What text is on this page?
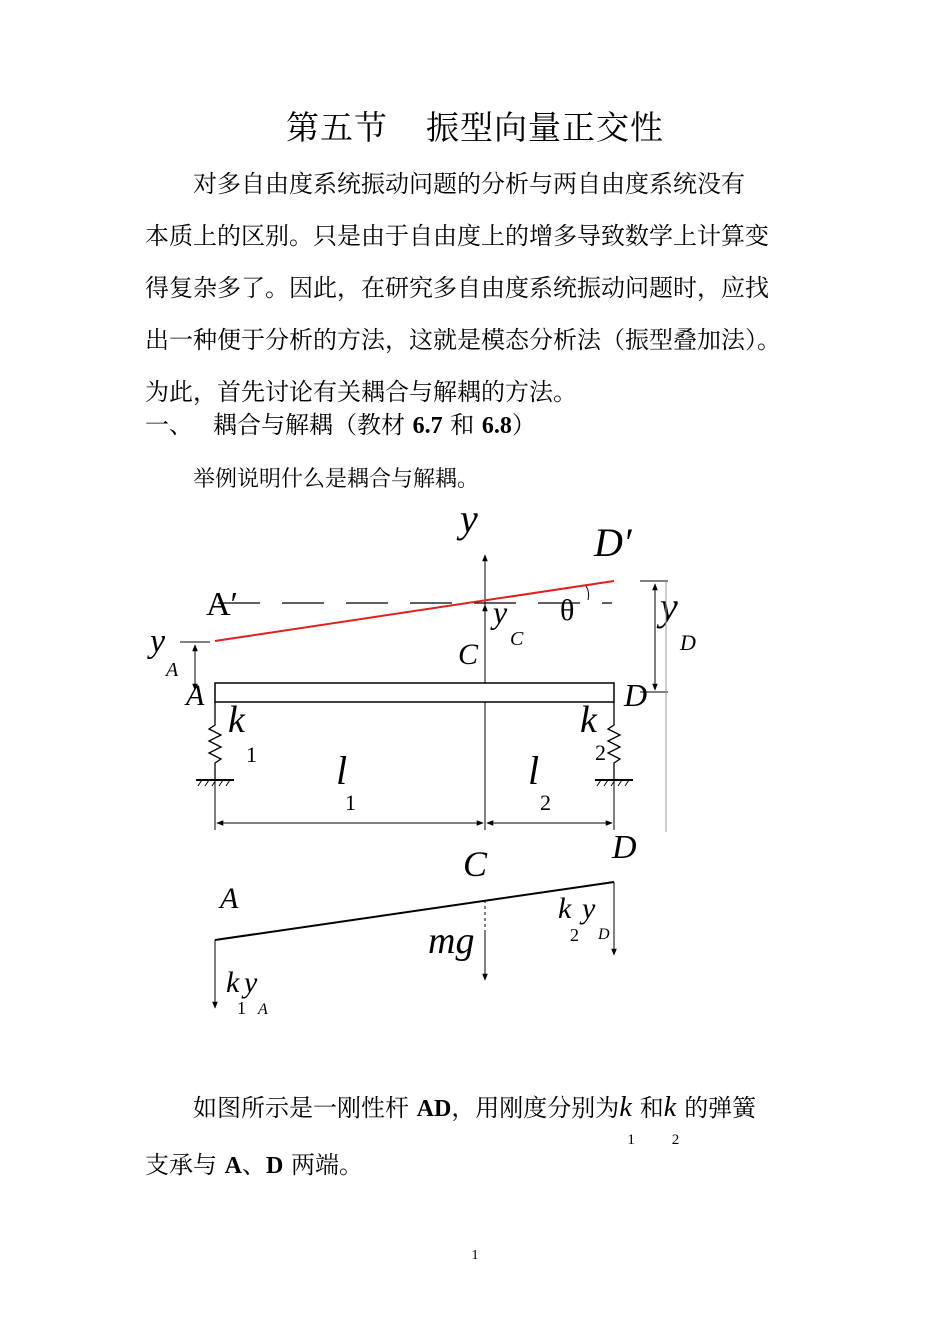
第五节 振型向量正交性
对多自由度系统振动问题的分析与两自由度系统没有
本质上的区别。只是由于自由度上的增多导致数学上计算变
得复杂多了。因此，在研究多自由度系统振动问题时，应找
出一种便于分析的方法，这就是模态分析法（振型叠加法）。
为此，首先讨论有关耦合与解耦的方法。
一、 耦合与解耦（教材 6.7 和 6.8）
举例说明什么是耦合与解耦。
y
A′
D′
θ
y
C
C
y
A
y
D
A	D
k
1
k
2
l
1
l
2
D
C
A
mg
k y
2 D
k y
1 A
如图所示是一刚性杆 AD，用刚度分别为k
1
和k
2
的弹簧
支承与 A、D 两端。
1
